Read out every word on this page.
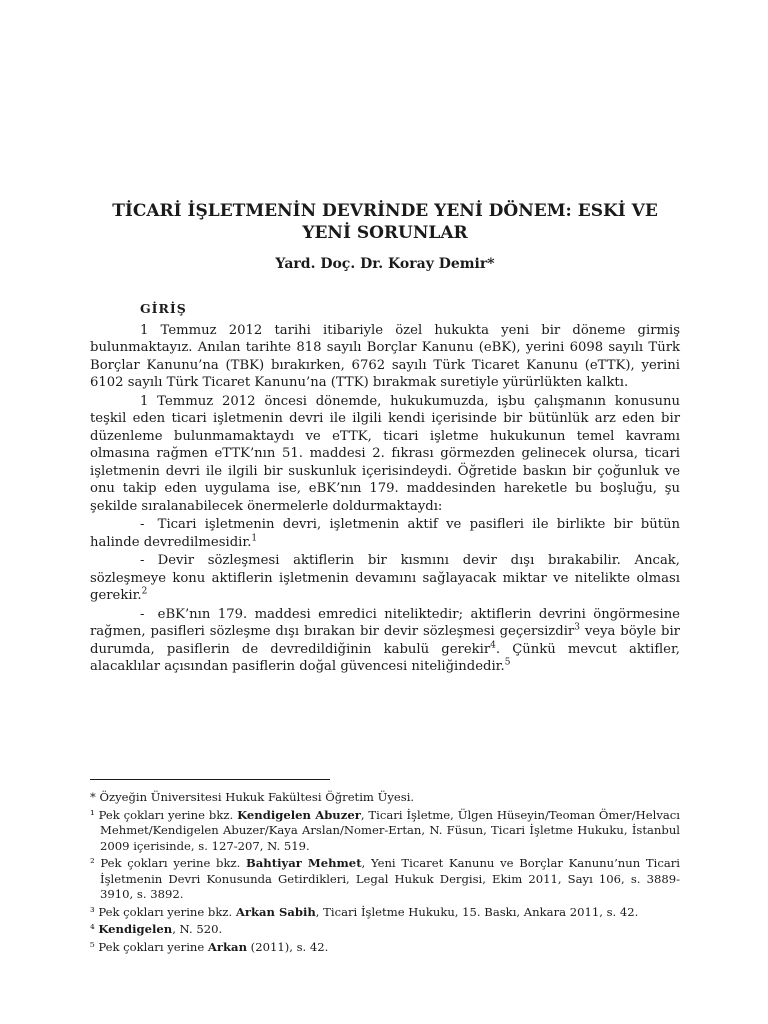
TİCARİ İŞLETMENİN DEVRİNDE YENİ DÖNEM: ESKİ VE
YENİ SORUNLAR
Yard. Doç. Dr. Koray Demir*
GİRİŞ

1 Temmuz 2012 tarihi itibariyle özel hukukta yeni bir döneme girmiş bulunmaktayız. Anılan tarihte 818 sayılı Borçlar Kanunu (eBK), yerini 6098 sayılı Türk Borçlar Kanunu’na (TBK) bırakırken, 6762 sayılı Türk Ticaret Kanunu (eTTK), yerini 6102 sayılı Türk Ticaret Kanunu’na (TTK) bırakmak suretiyle yürürlükten kalktı.

1 Temmuz 2012 öncesi dönemde, hukukumuzda, işbu çalışmanın konusunu teşkil eden ticari işletmenin devri ile ilgili kendi içerisinde bir bütünlük arz eden bir düzenleme bulunmamaktaydı ve eTTK, ticari işletme hukukunun temel kavramı olmasına rağmen eTTK’nın 51. maddesi 2. fıkrası görmezden gelinecek olursa, ticari işletmenin devri ile ilgili bir suskunluk içerisindeydi. Öğretide baskın bir çoğunluk ve onu takip eden uygulama ise, eBK’nın 179. maddesinden hareketle bu boşluğu, şu şekilde sıralanabilecek önermelerle doldurmaktaydı:

- Ticari işletmenin devri, işletmenin aktif ve pasifleri ile birlikte bir bütün halinde devredilmesidir.$^1$

- Devir sözleşmesi aktiflerin bir kısmını devir dışı bırakabilir. Ancak, sözleşmeye konu aktiflerin işletmenin devamını sağlayacak miktar ve nitelikte olması gerekir.$^2$

- eBK’nın 179. maddesi emredici niteliktedir; aktiflerin devrini öngörmesine rağmen, pasifleri sözleşme dışı bırakan bir devir sözleşmesi geçersizdir$^3$ veya böyle bir durumda, pasiflerin de devredildiğinin kabulü gerekir$^4$. Çünkü mevcut aktifler, alacaklılar açısından pasiflerin doğal güvencesi niteliğindedir.$^5$

* Özyeğin Üniversitesi Hukuk Fakültesi Öğretim Üyesi.
¹ Pek çokları yerine bkz. Kendigelen Abuzer, Ticari İşletme, Ülgen Hüseyin/Teoman Ömer/Helvacı Mehmet/Kendigelen Abuzer/Kaya Arslan/Nomer-Ertan, N. Füsun, Ticari İşletme Hukuku, İstanbul 2009 içerisinde, s. 127-207, N. 519.
² Pek çokları yerine bkz. Bahtiyar Mehmet, Yeni Ticaret Kanunu ve Borçlar Kanunu’nun Ticari İşletmenin Devri Konusunda Getirdikleri, Legal Hukuk Dergisi, Ekim 2011, Sayı 106, s. 3889-3910, s. 3892.
³ Pek çokları yerine bkz. Arkan Sabih, Ticari İşletme Hukuku, 15. Baskı, Ankara 2011, s. 42.
⁴ Kendigelen, N. 520.
⁵ Pek çokları yerine Arkan (2011), s. 42.
